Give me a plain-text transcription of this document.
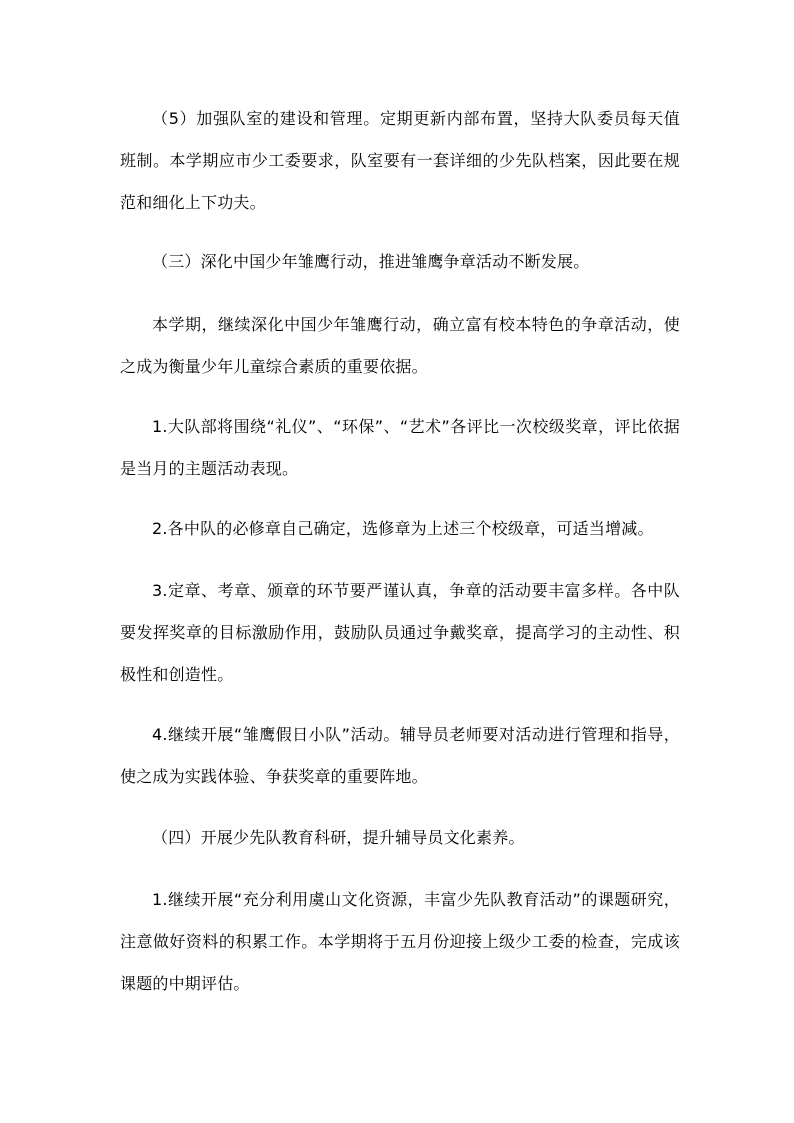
（5）加强队室的建设和管理。定期更新内部布置，坚持大队委员每天值班制。本学期应市少工委要求，队室要有一套详细的少先队档案，因此要在规范和细化上下功夫。

（三）深化中国少年雏鹰行动，推进雏鹰争章活动不断发展。

本学期，继续深化中国少年雏鹰行动，确立富有校本特色的争章活动，使之成为衡量少年儿童综合素质的重要依据。

1.大队部将围绕“礼仪”、“环保”、“艺术”各评比一次校级奖章，评比依据是当月的主题活动表现。

2.各中队的必修章自己确定，选修章为上述三个校级章，可适当增减。

3.定章、考章、颁章的环节要严谨认真，争章的活动要丰富多样。各中队要发挥奖章的目标激励作用，鼓励队员通过争戴奖章，提高学习的主动性、积极性和创造性。

4.继续开展“雏鹰假日小队”活动。辅导员老师要对活动进行管理和指导，使之成为实践体验、争获奖章的重要阵地。

（四）开展少先队教育科研，提升辅导员文化素养。

1.继续开展“充分利用虞山文化资源，丰富少先队教育活动”的课题研究，注意做好资料的积累工作。本学期将于五月份迎接上级少工委的检查，完成该课题的中期评估。
